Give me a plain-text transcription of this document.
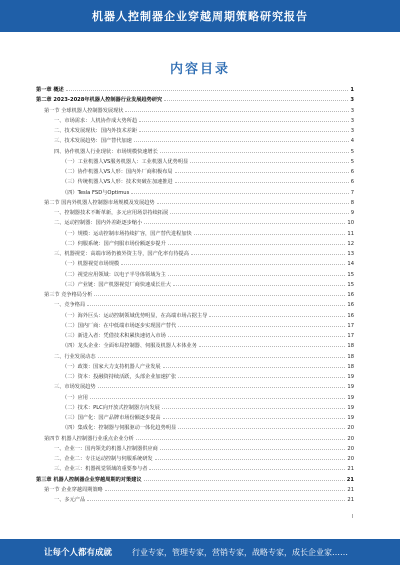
机器人控制器企业穿越周期策略研究报告
内容目录
第一章 概述	1
第二章 2023-2028年机器人控制器行业发展趋势研究	3
第一节 全球机器人控制器发展现状	3
一、市场需求：人机协作成大势所趋	3
二、技术发展现状：国内外技术差距	3
三、技术发展趋势：国产替代加速	4
四、协作机器人行业现状：市场规模快速增长	5
（一）工业机器人VS服务机器人：工业机器人优势明显	5
（二）协作机器人VS人形：国内外厂商积极布局	6
（三）传统机器人VS人形：技术突破在加速推进	6
（四）Tesla FSD与Optimus	7
第二节 国内外机器人控制器市场规模及发展趋势	8
一、控制器技术不断革新，多元应用场景持续拓展	9
二、运动控制器：国内外差距逐步缩小	10
（一）规模：运动控制市场持续扩容，国产替代进程加快	11
（二）伺服系统：国产伺服市场份额逐步提升	12
三、机器视觉：高端市场仍被外资主导，国产化率有待提高	13
（一）机器视觉市场规模	14
（二）视觉应用领域：以电子半导体领域为主	15
（三）产业链：国产机器视觉厂商快速成长壮大	15
第三节 竞争格局分析	16
一、竞争格局	16
（一）海外巨头：运动控制领域优势明显，在高端市场占据主导	16
（二）国内厂商：在中低端市场逐步实现国产替代	17
（三）新进入者：凭借技术积累快速切入市场	17
（四）龙头企业：全面布局控制器、伺服及机器人本体业务	18
二、行业发展动态	18
（一）政策：国家大力支持机器人产业发展	18
（二）资本：投融资持续活跃，头部企业加速扩张	19
三、市场发展趋势	19
（一）应用	19
（二）技术：PLC向开放式控制器方向发展	19
（三）国产化：国产品牌市场份额逐步提高	19
（四）集成化：控制器与伺服驱动一体化趋势明显	20
第四节 机器人控制器行业重点企业分析	20
一、企业一：国内领先的机器人控制器供应商	20
二、企业二：专注运动控制与伺服系统研发	20
三、企业三：机器视觉领域的重要参与者	21
第三章 机器人控制器企业穿越周期的对策建议	21
第一节 企业穿越周期策略	21
一、多元产品	21
I
让每个人都有成就 行业专家，管理专家，营销专家，战略专家，成长企业家……
